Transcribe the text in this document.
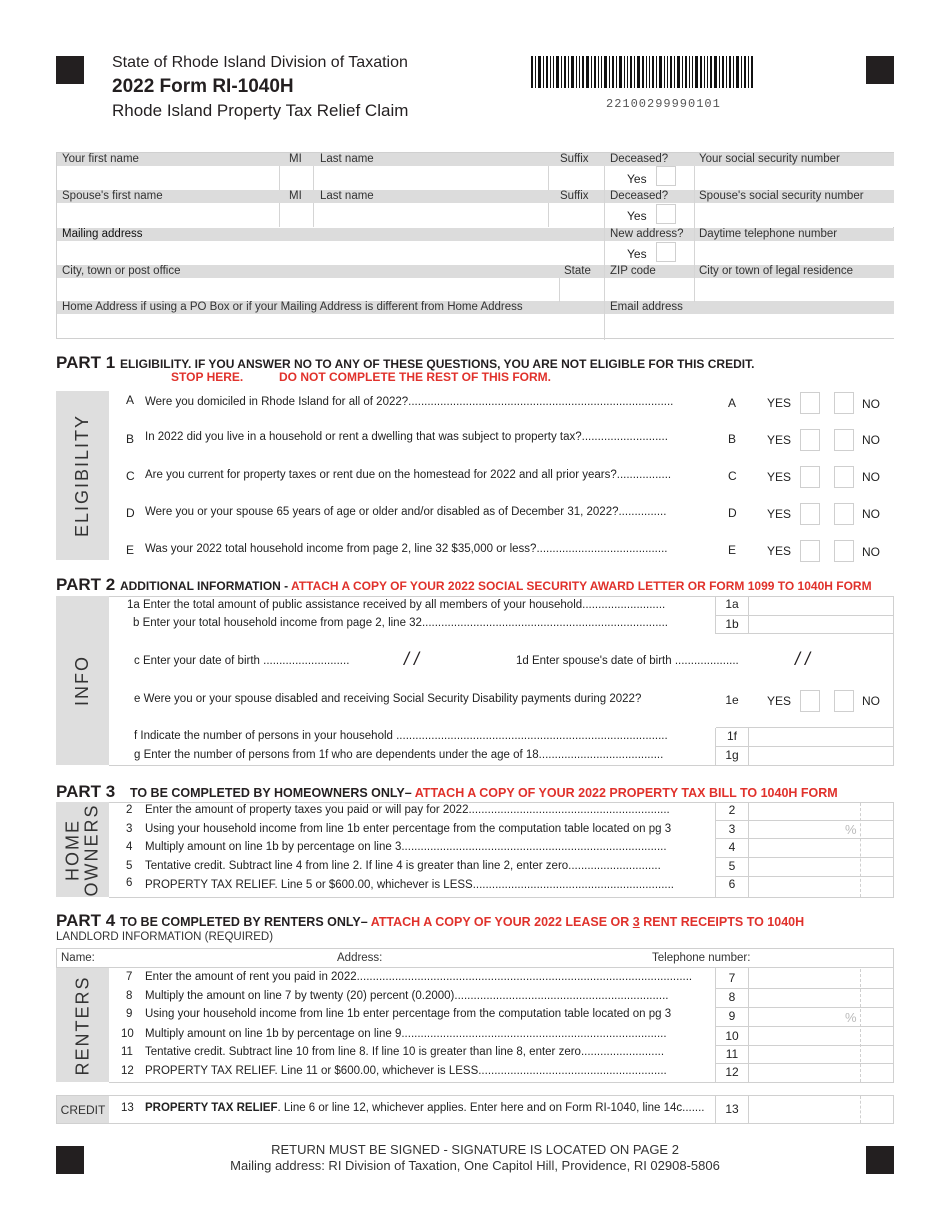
State of Rhode Island Division of Taxation
2022 Form RI-1040H
Rhode Island Property Tax Relief Claim	22100299990101
Your first name	MI	Last name	Suffix	Deceased?	Your social security number
Yes
Spouse's first name	MI	Last name	Suffix	Deceased?	Spouse's social security number
Yes
Mailing address	New address?	Daytime telephone number
Yes
City, town or post office	State	ZIP code	City or town of legal residence
Home Address if using a PO Box or if your Mailing Address is different from Home Address	Email address
PART 1 ELIGIBILITY. IF YOU ANSWER NO TO ANY OF THESE QUESTIONS, YOU ARE NOT ELIGIBLE FOR THIS CREDIT.
STOP HERE.	DO NOT COMPLETE THE REST OF THIS FORM.
ELIGIBILITY
A Were you domiciled in Rhode Island for all of 2022?...................................................................................	A	YES	NO
B In 2022 did you live in a household or rent a dwelling that was subject to property tax?...........................	B	YES	NO
C Are you current for property taxes or rent due on the homestead for 2022 and all prior years?.................	C	YES	NO
D Were you or your spouse 65 years of age or older and/or disabled as of December 31, 2022?...............	D	YES	NO
E Was your 2022 total household income from page 2, line 32 $35,000 or less?.........................................	E	YES	NO
PART 2 ADDITIONAL INFORMATION - ATTACH A COPY OF YOUR 2022 SOCIAL SECURITY AWARD LETTER OR FORM 1099 TO 1040H FORM
INFO
1a Enter the total amount of public assistance received by all members of your household..........................	1a
b Enter your total household income from page 2, line 32.............................................................................	1b
c Enter your date of birth ...........................	/ /	1d Enter spouse's date of birth ....................	/ /
e Were you or your spouse disabled and receiving Social Security Disability payments during 2022?	1e	YES	NO
f Indicate the number of persons in your household .....................................................................................	1f
g Enter the number of persons from 1f who are dependents under the age of 18.......................................	1g
PART 3 TO BE COMPLETED BY HOMEOWNERS ONLY– ATTACH A COPY OF YOUR 2022 PROPERTY TAX BILL TO 1040H FORM
HOME OWNERS 2 Enter the amount of property taxes you paid or will pay for 2022...............................................................	2
3 Using your household income from line 1b enter percentage from the computation table located on pg 3	3	%
4 Multiply amount on line 1b by percentage on line 3...................................................................................	4
5 Tentative credit. Subtract line 4 from line 2. If line 4 is greater than line 2, enter zero.............................	5
6 PROPERTY TAX RELIEF. Line 5 or $600.00, whichever is LESS...............................................................	6
PART 4 TO BE COMPLETED BY RENTERS ONLY– ATTACH A COPY OF YOUR 2022 LEASE OR 3 RENT RECEIPTS TO 1040H
LANDLORD INFORMATION (REQUIRED)
Name:	Address:	Telephone number:
RENTERS	7 Enter the amount of rent you paid in 2022.........................................................................................................	7
8 Multiply the amount on line 7 by twenty (20) percent (0.2000)...................................................................	8
9 Using your household income from line 1b enter percentage from the computation table located on pg 3	9	%
10 Multiply amount on line 1b by percentage on line 9...................................................................................	10
11 Tentative credit. Subtract line 10 from line 8. If line 10 is greater than line 8, enter zero..........................	11
12 PROPERTY TAX RELIEF. Line 11 or $600.00, whichever is LESS...........................................................	12
CREDIT 13 PROPERTY TAX RELIEF. Line 6 or line 12, whichever applies. Enter here and on Form RI-1040, line 14c.......	13
RETURN MUST BE SIGNED - SIGNATURE IS LOCATED ON PAGE 2
Mailing address: RI Division of Taxation, One Capitol Hill, Providence, RI 02908-5806
